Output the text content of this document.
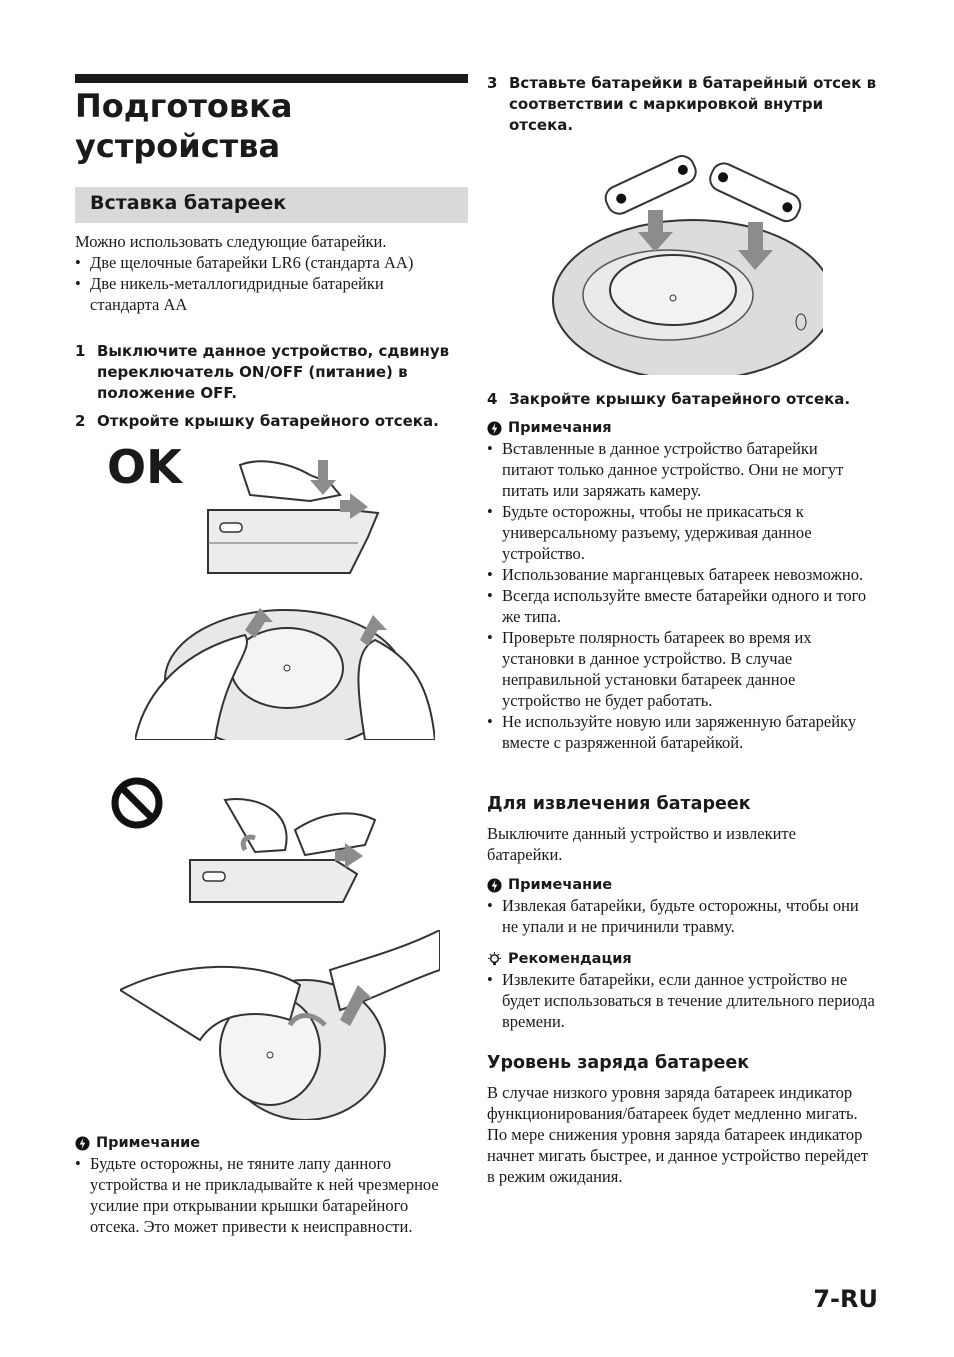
Подготовка
устройства
Вставка батареек
Можно использовать следующие батарейки.
• Две щелочные батарейки LR6 (стандарта AA)
• Две никель-металлогидридные батарейки стандарта AA
1 Выключите данное устройство, сдвинув переключатель ON/OFF (питание) в положение OFF.
2 Откройте крышку батарейного отсека.
OK
Примечание
• Будьте осторожны, не тяните лапу данного устройства и не прикладывайте к ней чрезмерное усилие при открывании крышки батарейного отсека. Это может привести к неисправности.
3 Вставьте батарейки в батарейный отсек в соответствии с маркировкой внутри отсека.
4 Закройте крышку батарейного отсека.
Примечания
• Вставленные в данное устройство батарейки питают только данное устройство. Они не могут питать или заряжать камеру.
• Будьте осторожны, чтобы не прикасаться к универсальному разъему, удерживая данное устройство.
• Использование марганцевых батареек невозможно.
• Всегда используйте вместе батарейки одного и того же типа.
• Проверьте полярность батареек во время их установки в данное устройство. В случае неправильной установки батареек данное устройство не будет работать.
• Не используйте новую или заряженную батарейку вместе с разряженной батарейкой.
Для извлечения батареек
Выключите данный устройство и извлеките батарейки.
Примечание
• Извлекая батарейки, будьте осторожны, чтобы они не упали и не причинили травму.
Рекомендация
• Извлеките батарейки, если данное устройство не будет использоваться в течение длительного периода времени.
Уровень заряда батареек
В случае низкого уровня заряда батареек индикатор функционирования/батареек будет медленно мигать. По мере снижения уровня заряда батареек индикатор начнет мигать быстрее, и данное устройство перейдет в режим ожидания.
7-RU
